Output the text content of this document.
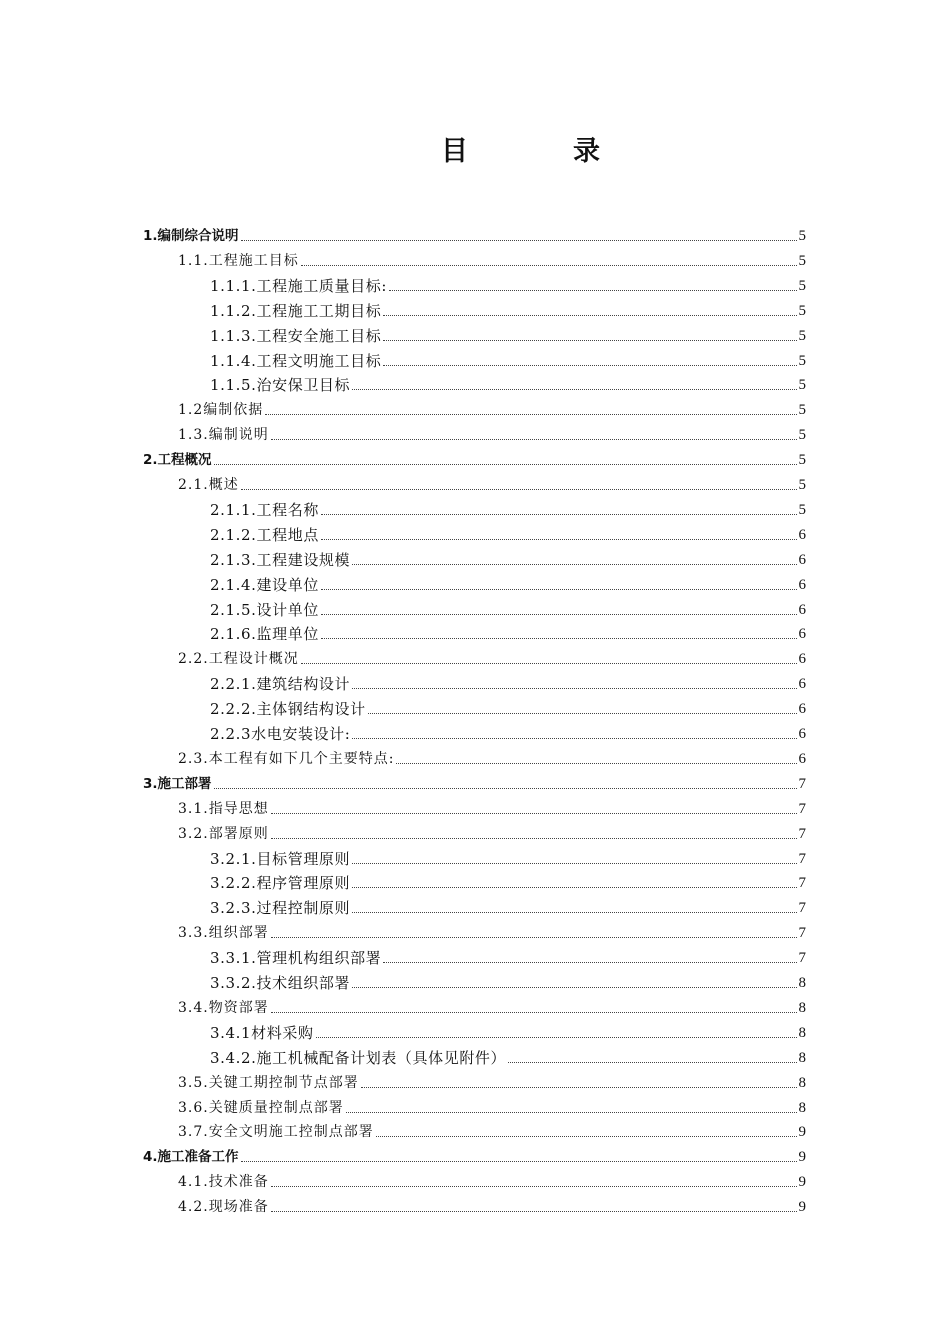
目	录
1.编制综合说明	5
1.1.工程施工目标	5
1.1.1.工程施工质量目标:	5
1.1.2.工程施工工期目标	5
1.1.3.工程安全施工目标	5
1.1.4.工程文明施工目标	5
1.1.5.治安保卫目标	5
1.2编制依据	5
1.3.编制说明	5
2.工程概况	5
2.1.概述	5
2.1.1.工程名称	5
2.1.2.工程地点	6
2.1.3.工程建设规模	6
2.1.4.建设单位	6
2.1.5.设计单位	6
2.1.6.监理单位	6
2.2.工程设计概况	6
2.2.1.建筑结构设计	6
2.2.2.主体钢结构设计	6
2.2.3水电安装设计:	6
2.3.本工程有如下几个主要特点:	6
3.施工部署	7
3.1.指导思想	7
3.2.部署原则	7
3.2.1.目标管理原则	7
3.2.2.程序管理原则	7
3.2.3.过程控制原则	7
3.3.组织部署	7
3.3.1.管理机构组织部署	7
3.3.2.技术组织部署	8
3.4.物资部署	8
3.4.1材料采购	8
3.4.2.施工机械配备计划表（具体见附件）	8
3.5.关键工期控制节点部署	8
3.6.关键质量控制点部署	8
3.7.安全文明施工控制点部署	9
4.施工准备工作	9
4.1.技术准备	9
4.2.现场准备	9
